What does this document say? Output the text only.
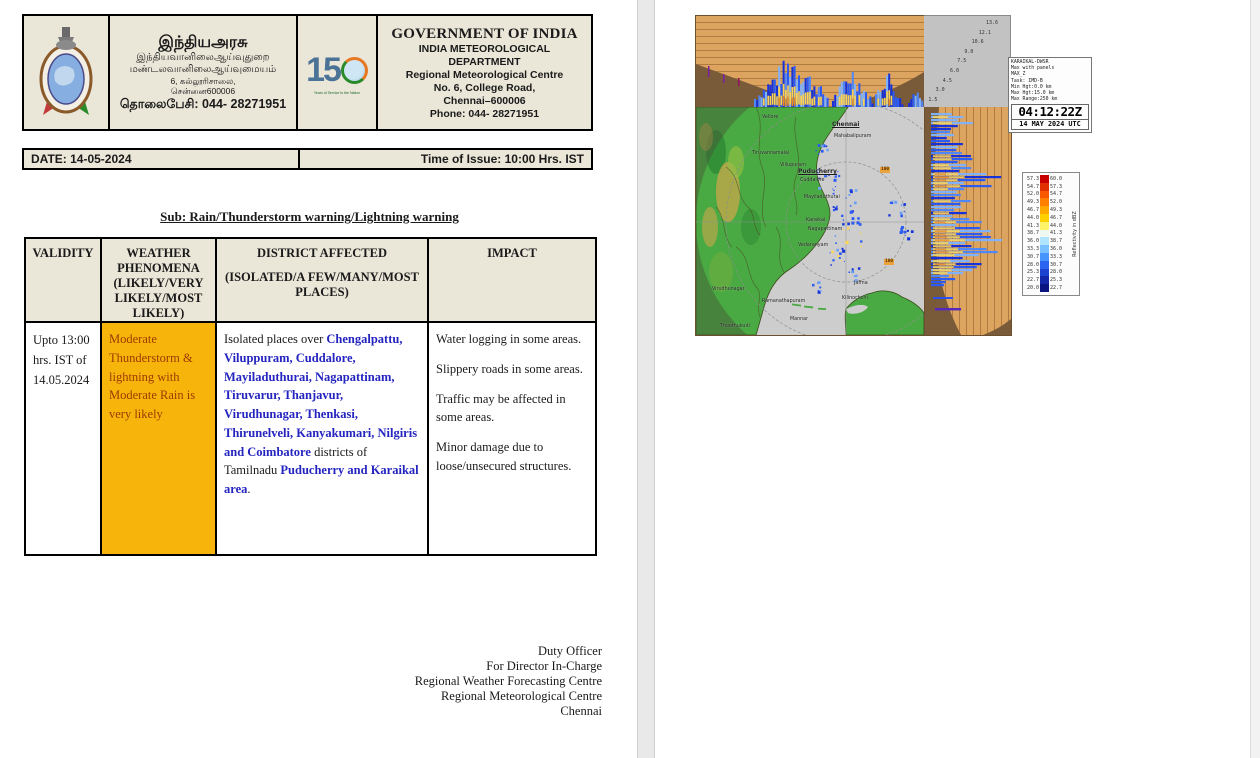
இந்தியஅரசு
இந்தியவானிலைஆய்வுதுறை
மண்டலவானிலைஆய்வுமையம்
6, கல்லூரிசாலை,
சென்னை600006
தொலைபேசி: 044- 28271951
15
Years of Service to the Nation
GOVERNMENT OF INDIA
INDIA METEOROLOGICAL DEPARTMENT
Regional Meteorological Centre
No. 6, College Road,
Chennai–600006
Phone: 044- 28271951
DATE: 14-05-2024	Time of Issue: 10:00 Hrs. IST
Sub: Rain/Thunderstorm warning/Lightning warning
VALIDITY	WEATHER PHENOMENA (LIKELY/VERY LIKELY/MOST LIKELY)	DISTRICT AFFECTED
(ISOLATED/A FEW/MANY/MOST PLACES)	IMPACT
Upto 13:00 hrs. IST of 14.05.2024	Moderate Thunderstorm & lightning with Moderate Rain is very likely	Isolated places over Chengalpattu, Viluppuram, Cuddalore, Mayiladuthurai, Nagapattinam, Tiruvarur, Thanjavur, Virudhunagar, Thenkasi, Thirunelveli, Kanyakumari, Nilgiris and Coimbatore districts of Tamilnadu Puducherry and Karaikal area.	

Water logging in some areas.

Slippery roads in some areas.

Traffic may be affected in some areas.

Minor damage due to loose/unsecured structures.

Duty Officer
For Director In-Charge
Regional Weather Forecasting Centre
Regional Meteorological Centre
Chennai
13.6
12.1
10.6
9.0
7.5
6.0
4.5
3.0
1.5
Chennai
Mahabalipuram
Vellore
Tiruvannamalai
Villupuram
Puducherry
Cuddalore
Mayiladuthurai
Karaikal
Nagapattinam
Vedaranyam
Jaffna
Kilinochchi
Virudhunagar
Ramanathapuram
Mannar
Thoothukudi
100
100
KARAIKAL-DWSR
Max with panels
MAX_Z
Task: IMD-B
Min Hgt:0.0 km
Max Hgt:15.0 km
Max Range:250 km
04:12:22Z
14 MAY 2024 UTC
57.3 60.0
54.7 57.3
52.0 54.7
49.3 52.0
46.7 49.3
44.0 46.7
41.3 44.0
38.7 41.3
36.0 38.7
33.3 36.0
30.7 33.3
28.0 30.7
25.3 28.0
22.7 25.3
20.0 22.7
Reflectivity in dBZ
